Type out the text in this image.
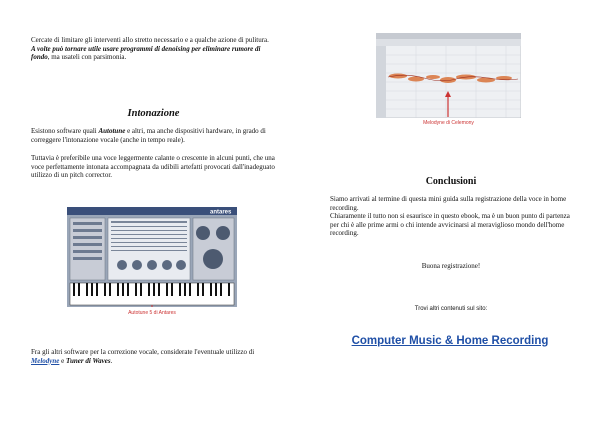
Cercate di limitare gli interventi allo stretto necessario e a qualche azione di pulitura.
A volte può tornare utile usare programmi di denoising per eliminare rumore di fondo, ma usateli con parsimonia.

Intonazione

Esistono software quali Autotune e altri, ma anche dispositivi hardware, in grado di correggere l'intonazione vocale (anche in tempo reale).

Tuttavia è preferibile una voce leggermente calante o crescente in alcuni punti, che una voce perfettamente intonata accompagnata da udibili artefatti provocati dall'inadeguato utilizzo di un pitch corrector.

antares
Autotune 5 di Antares

Fra gli altri software per la correzione vocale, considerate l'eventuale utilizzo di Melodyne e Tuner di Waves.

Melodyne di Celemony
Conclusioni

Siamo arrivati al termine di questa mini guida sulla registrazione della voce in home recording.

Chiaramente il tutto non si esaurisce in questo ebook, ma è un buon punto di partenza per chi è alle prime armi o chi intende avvicinarsi al meraviglioso mondo dell'home recording.

Buona registrazione!
Trovi altri contenuti sul sito:
Computer Music & Home Recording
